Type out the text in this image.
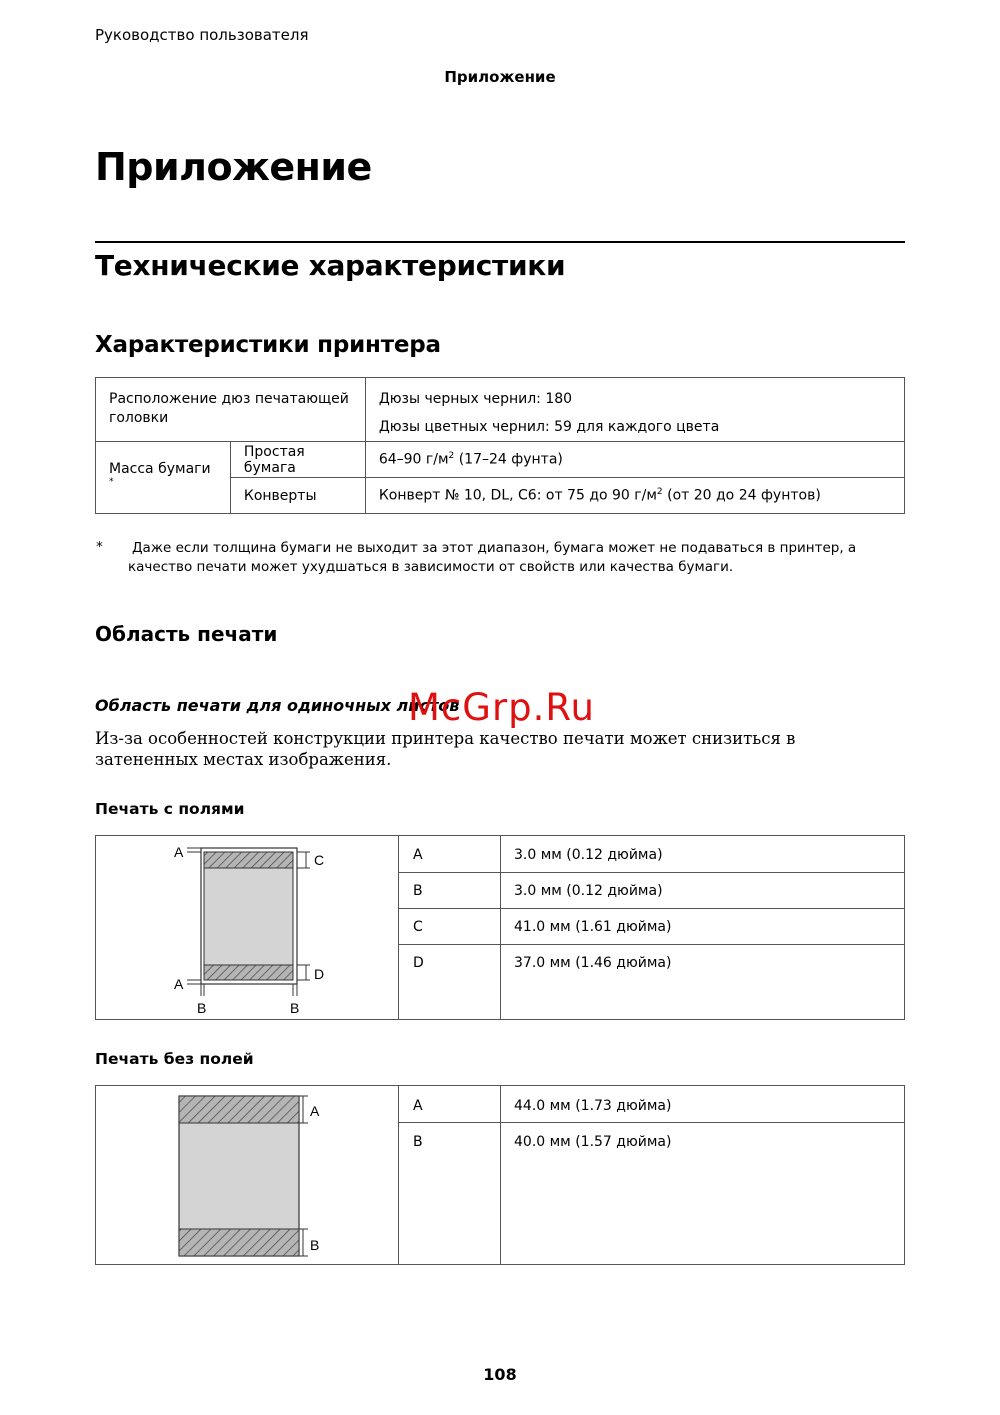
Руководство пользователя
Приложение
Приложение
Технические характеристики
Характеристики принтера
Расположение дюз печатающей головки		Дюзы черных чернил: 180

Дюзы цветных чернил: 59 для каждого цвета

Масса бумаги *	Простая бумага	64–90 $г/м^2$ (17–24 фунта)
	Конверты	Конверт № 10, DL, C6: от 75 до 90 $г/м^2$ (от 20 до 24 фунтов)
* Даже если толщина бумаги не выходит за этот диапазон, бумага может не подаваться в принтер, а качество печати может ухудшаться в зависимости от свойств или качества бумаги.
Область печати
Область печати для одиночных листов
McGrp.Ru
Из-за особенностей конструкции принтера качество печати может снизиться в затененных местах изображения.
Печать с полями
A
A
B	B
C
D
A	3.0 мм (0.12 дюйма)
B	3.0 мм (0.12 дюйма)
C	41.0 мм (1.61 дюйма)
D	37.0 мм (1.46 дюйма)
Печать без полей
A
B
A	44.0 мм (1.73 дюйма)
B	40.0 мм (1.57 дюйма)
108
